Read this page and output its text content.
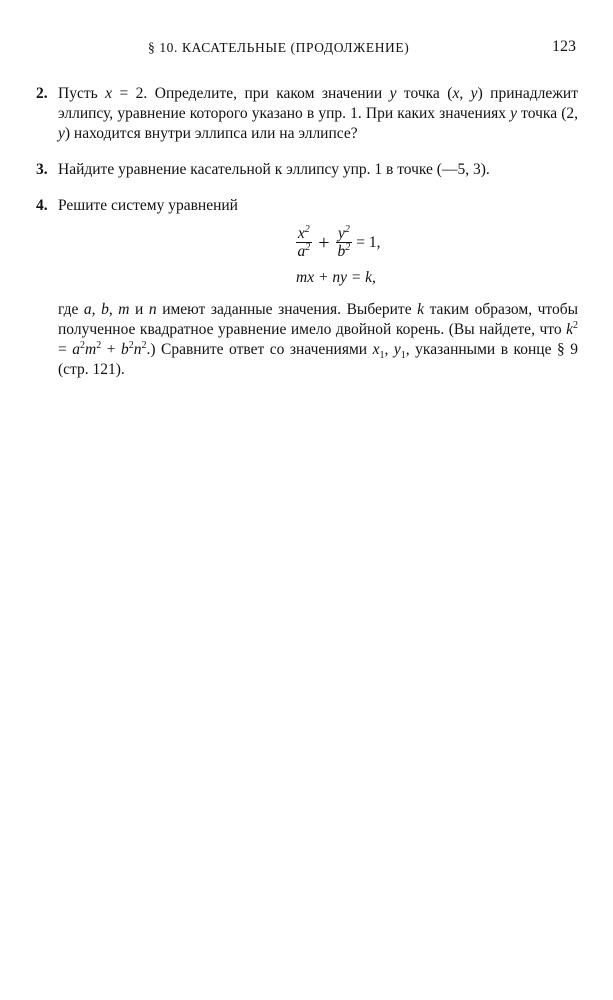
§ 10. КАСАТЕЛЬНЫЕ (ПРОДОЛЖЕНИЕ)	123
2. Пусть x = 2. Определите, при каком значении y точка (x, y) принадлежит эллипсу, уравнение которого указано в упр. 1. При каких значениях y точка (2, y) находится внутри эллипса или на эллипсе?
3. Найдите уравнение касательной к эллипсу упр. 1 в точке (—5, 3).
4. Решите систему уравнений
$\frac{x^2}{a^2} + \frac{y^2}{b^2} = 1$,
mx + ny = k,
где a, b, m и n имеют заданные значения. Выберите k таким образом, чтобы полученное квадратное уравнение имело двойной корень. (Вы найдете, что $k^2 = a^2m^2 + b^2n^2$.) Сравните ответ со значениями $x_1$, $y_1$, указанными в конце § 9 (стр. 121).
